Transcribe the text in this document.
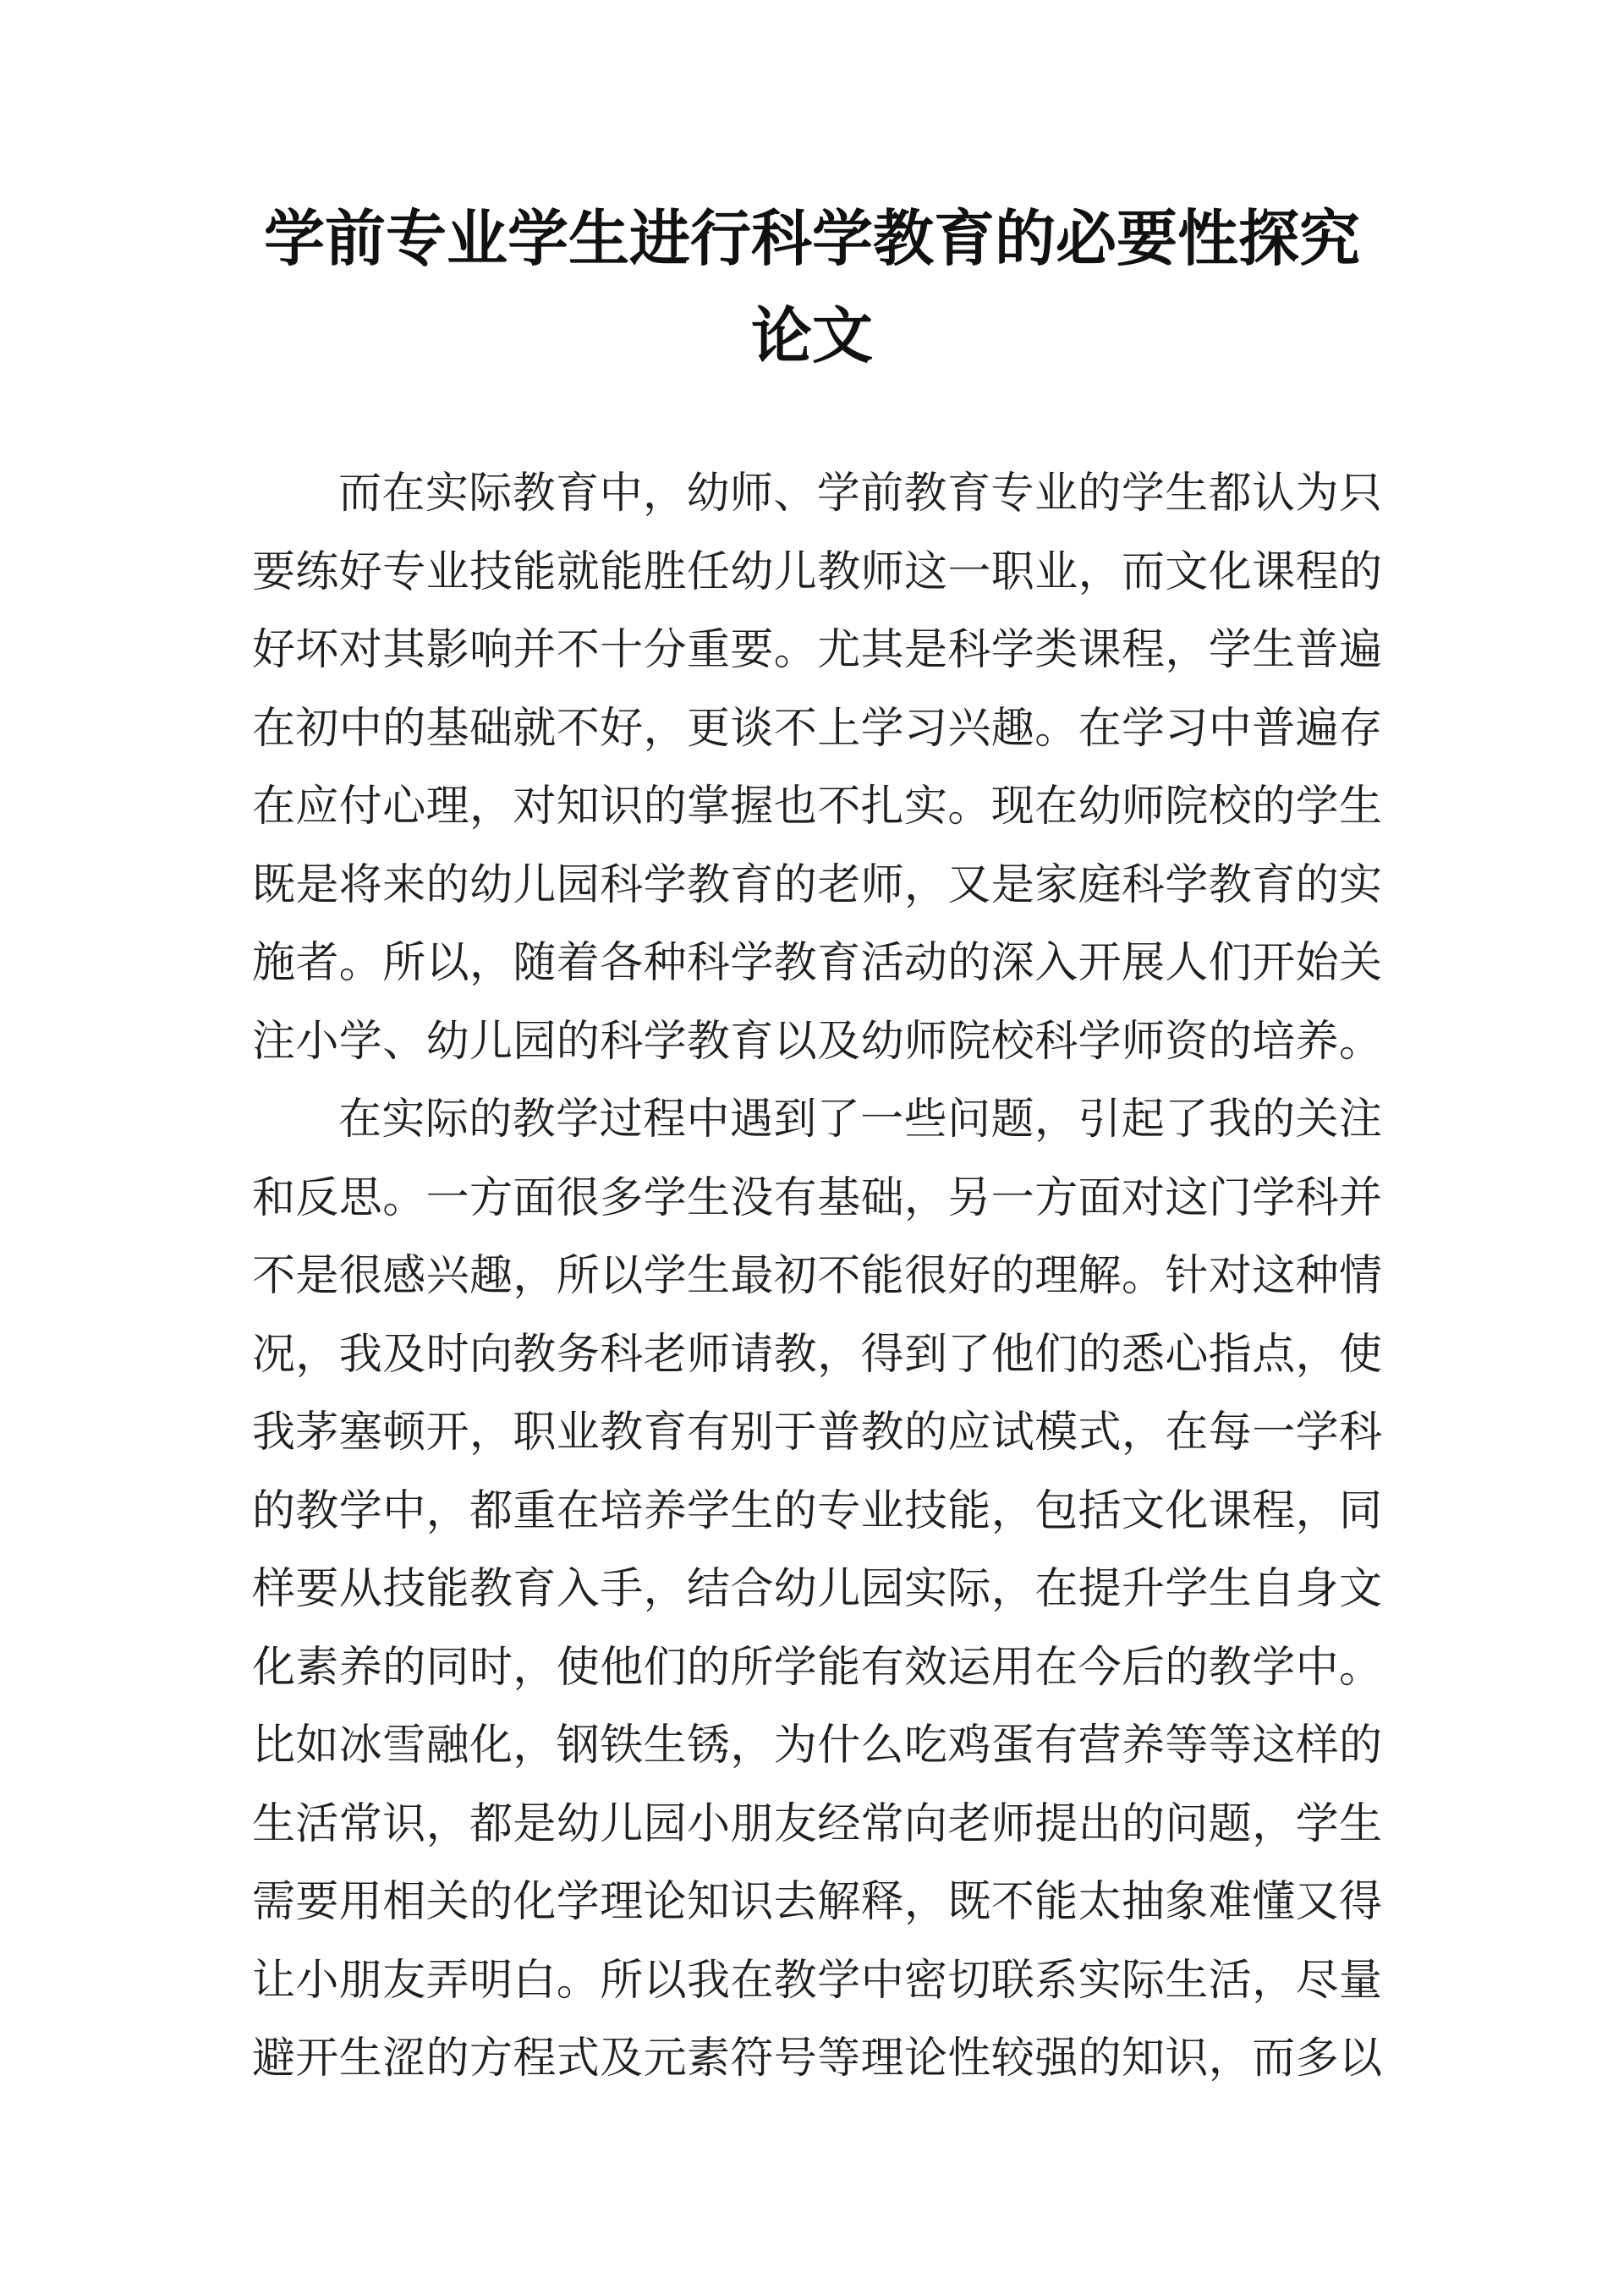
学前专业学生进行科学教育的必要性探究
论文
而在实际教育中，幼师、学前教育专业的学生都认为只
要练好专业技能就能胜任幼儿教师这一职业，而文化课程的
好坏对其影响并不十分重要。尤其是科学类课程，学生普遍
在初中的基础就不好，更谈不上学习兴趣。在学习中普遍存
在应付心理，对知识的掌握也不扎实。现在幼师院校的学生
既是将来的幼儿园科学教育的老师，又是家庭科学教育的实
施者。所以，随着各种科学教育活动的深入开展人们开始关
注小学、幼儿园的科学教育以及幼师院校科学师资的培养。
在实际的教学过程中遇到了一些问题，引起了我的关注
和反思。一方面很多学生没有基础，另一方面对这门学科并
不是很感兴趣，所以学生最初不能很好的理解。针对这种情
况，我及时向教务科老师请教，得到了他们的悉心指点，使
我茅塞顿开，职业教育有别于普教的应试模式，在每一学科
的教学中，都重在培养学生的专业技能，包括文化课程，同
样要从技能教育入手，结合幼儿园实际，在提升学生自身文
化素养的同时，使他们的所学能有效运用在今后的教学中。
比如冰雪融化，钢铁生锈，为什么吃鸡蛋有营养等等这样的
生活常识，都是幼儿园小朋友经常向老师提出的问题，学生
需要用相关的化学理论知识去解释，既不能太抽象难懂又得
让小朋友弄明白。所以我在教学中密切联系实际生活，尽量
避开生涩的方程式及元素符号等理论性较强的知识，而多以
